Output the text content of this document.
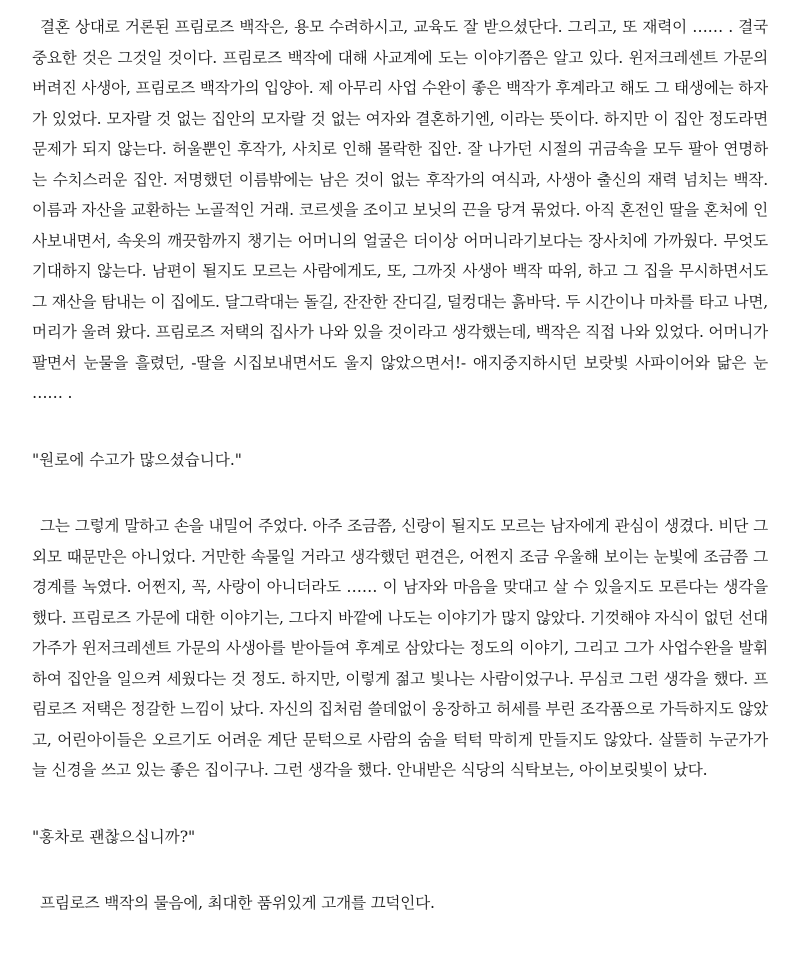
결혼 상대로 거론된 프림로즈 백작은, 용모 수려하시고, 교육도 잘 받으셨단다. 그리고, 또 재력이 …… . 결국 중요한 것은 그것일 것이다. 프림로즈 백작에 대해 사교계에 도는 이야기쯤은 알고 있다. 윈저크레센트 가문의 버려진 사생아, 프림로즈 백작가의 입양아. 제 아무리 사업 수완이 좋은 백작가 후계라고 해도 그 태생에는 하자가 있었다. 모자랄 것 없는 집안의 모자랄 것 없는 여자와 결혼하기엔, 이라는 뜻이다. 하지만 이 집안 정도라면 문제가 되지 않는다. 허울뿐인 후작가, 사치로 인해 몰락한 집안. 잘 나가던 시절의 귀금속을 모두 팔아 연명하는 수치스러운 집안. 저명했던 이름밖에는 남은 것이 없는 후작가의 여식과, 사생아 출신의 재력 넘치는 백작. 이름과 자산을 교환하는 노골적인 거래. 코르셋을 조이고 보닛의 끈을 당겨 묶었다. 아직 혼전인 딸을 혼처에 인사보내면서, 속옷의 깨끗함까지 챙기는 어머니의 얼굴은 더이상 어머니라기보다는 장사치에 가까웠다. 무엇도 기대하지 않는다. 남편이 될지도 모르는 사람에게도, 또, 그까짓 사생아 백작 따위, 하고 그 집을 무시하면서도 그 재산을 탐내는 이 집에도. 달그락대는 돌길, 잔잔한 잔디길, 덜컹대는 흙바닥. 두 시간이나 마차를 타고 나면, 머리가 울려 왔다. 프림로즈 저택의 집사가 나와 있을 것이라고 생각했는데, 백작은 직접 나와 있었다. 어머니가 팔면서 눈물을 흘렸던, -딸을 시집보내면서도 울지 않았으면서!- 애지중지하시던 보랏빛 사파이어와 닮은 눈 …… .

"원로에 수고가 많으셨습니다."

그는 그렇게 말하고 손을 내밀어 주었다. 아주 조금쯤, 신랑이 될지도 모르는 남자에게 관심이 생겼다. 비단 그 외모 때문만은 아니었다. 거만한 속물일 거라고 생각했던 편견은, 어쩐지 조금 우울해 보이는 눈빛에 조금쯤 그 경계를 녹였다. 어쩐지, 꼭, 사랑이 아니더라도 …… 이 남자와 마음을 맞대고 살 수 있을지도 모른다는 생각을 했다. 프림로즈 가문에 대한 이야기는, 그다지 바깥에 나도는 이야기가 많지 않았다. 기껏해야 자식이 없던 선대 가주가 윈저크레센트 가문의 사생아를 받아들여 후계로 삼았다는 정도의 이야기, 그리고 그가 사업수완을 발휘하여 집안을 일으켜 세웠다는 것 정도. 하지만, 이렇게 젊고 빛나는 사람이었구나. 무심코 그런 생각을 했다. 프림로즈 저택은 정갈한 느낌이 났다. 자신의 집처럼 쓸데없이 웅장하고 허세를 부린 조각품으로 가득하지도 않았고, 어린아이들은 오르기도 어려운 계단 문턱으로 사람의 숨을 턱턱 막히게 만들지도 않았다. 살뜰히 누군가가 늘 신경을 쓰고 있는 좋은 집이구나. 그런 생각을 했다. 안내받은 식당의 식탁보는, 아이보릿빛이 났다.

"홍차로 괜찮으십니까?"

프림로즈 백작의 물음에, 최대한 품위있게 고개를 끄덕인다.
